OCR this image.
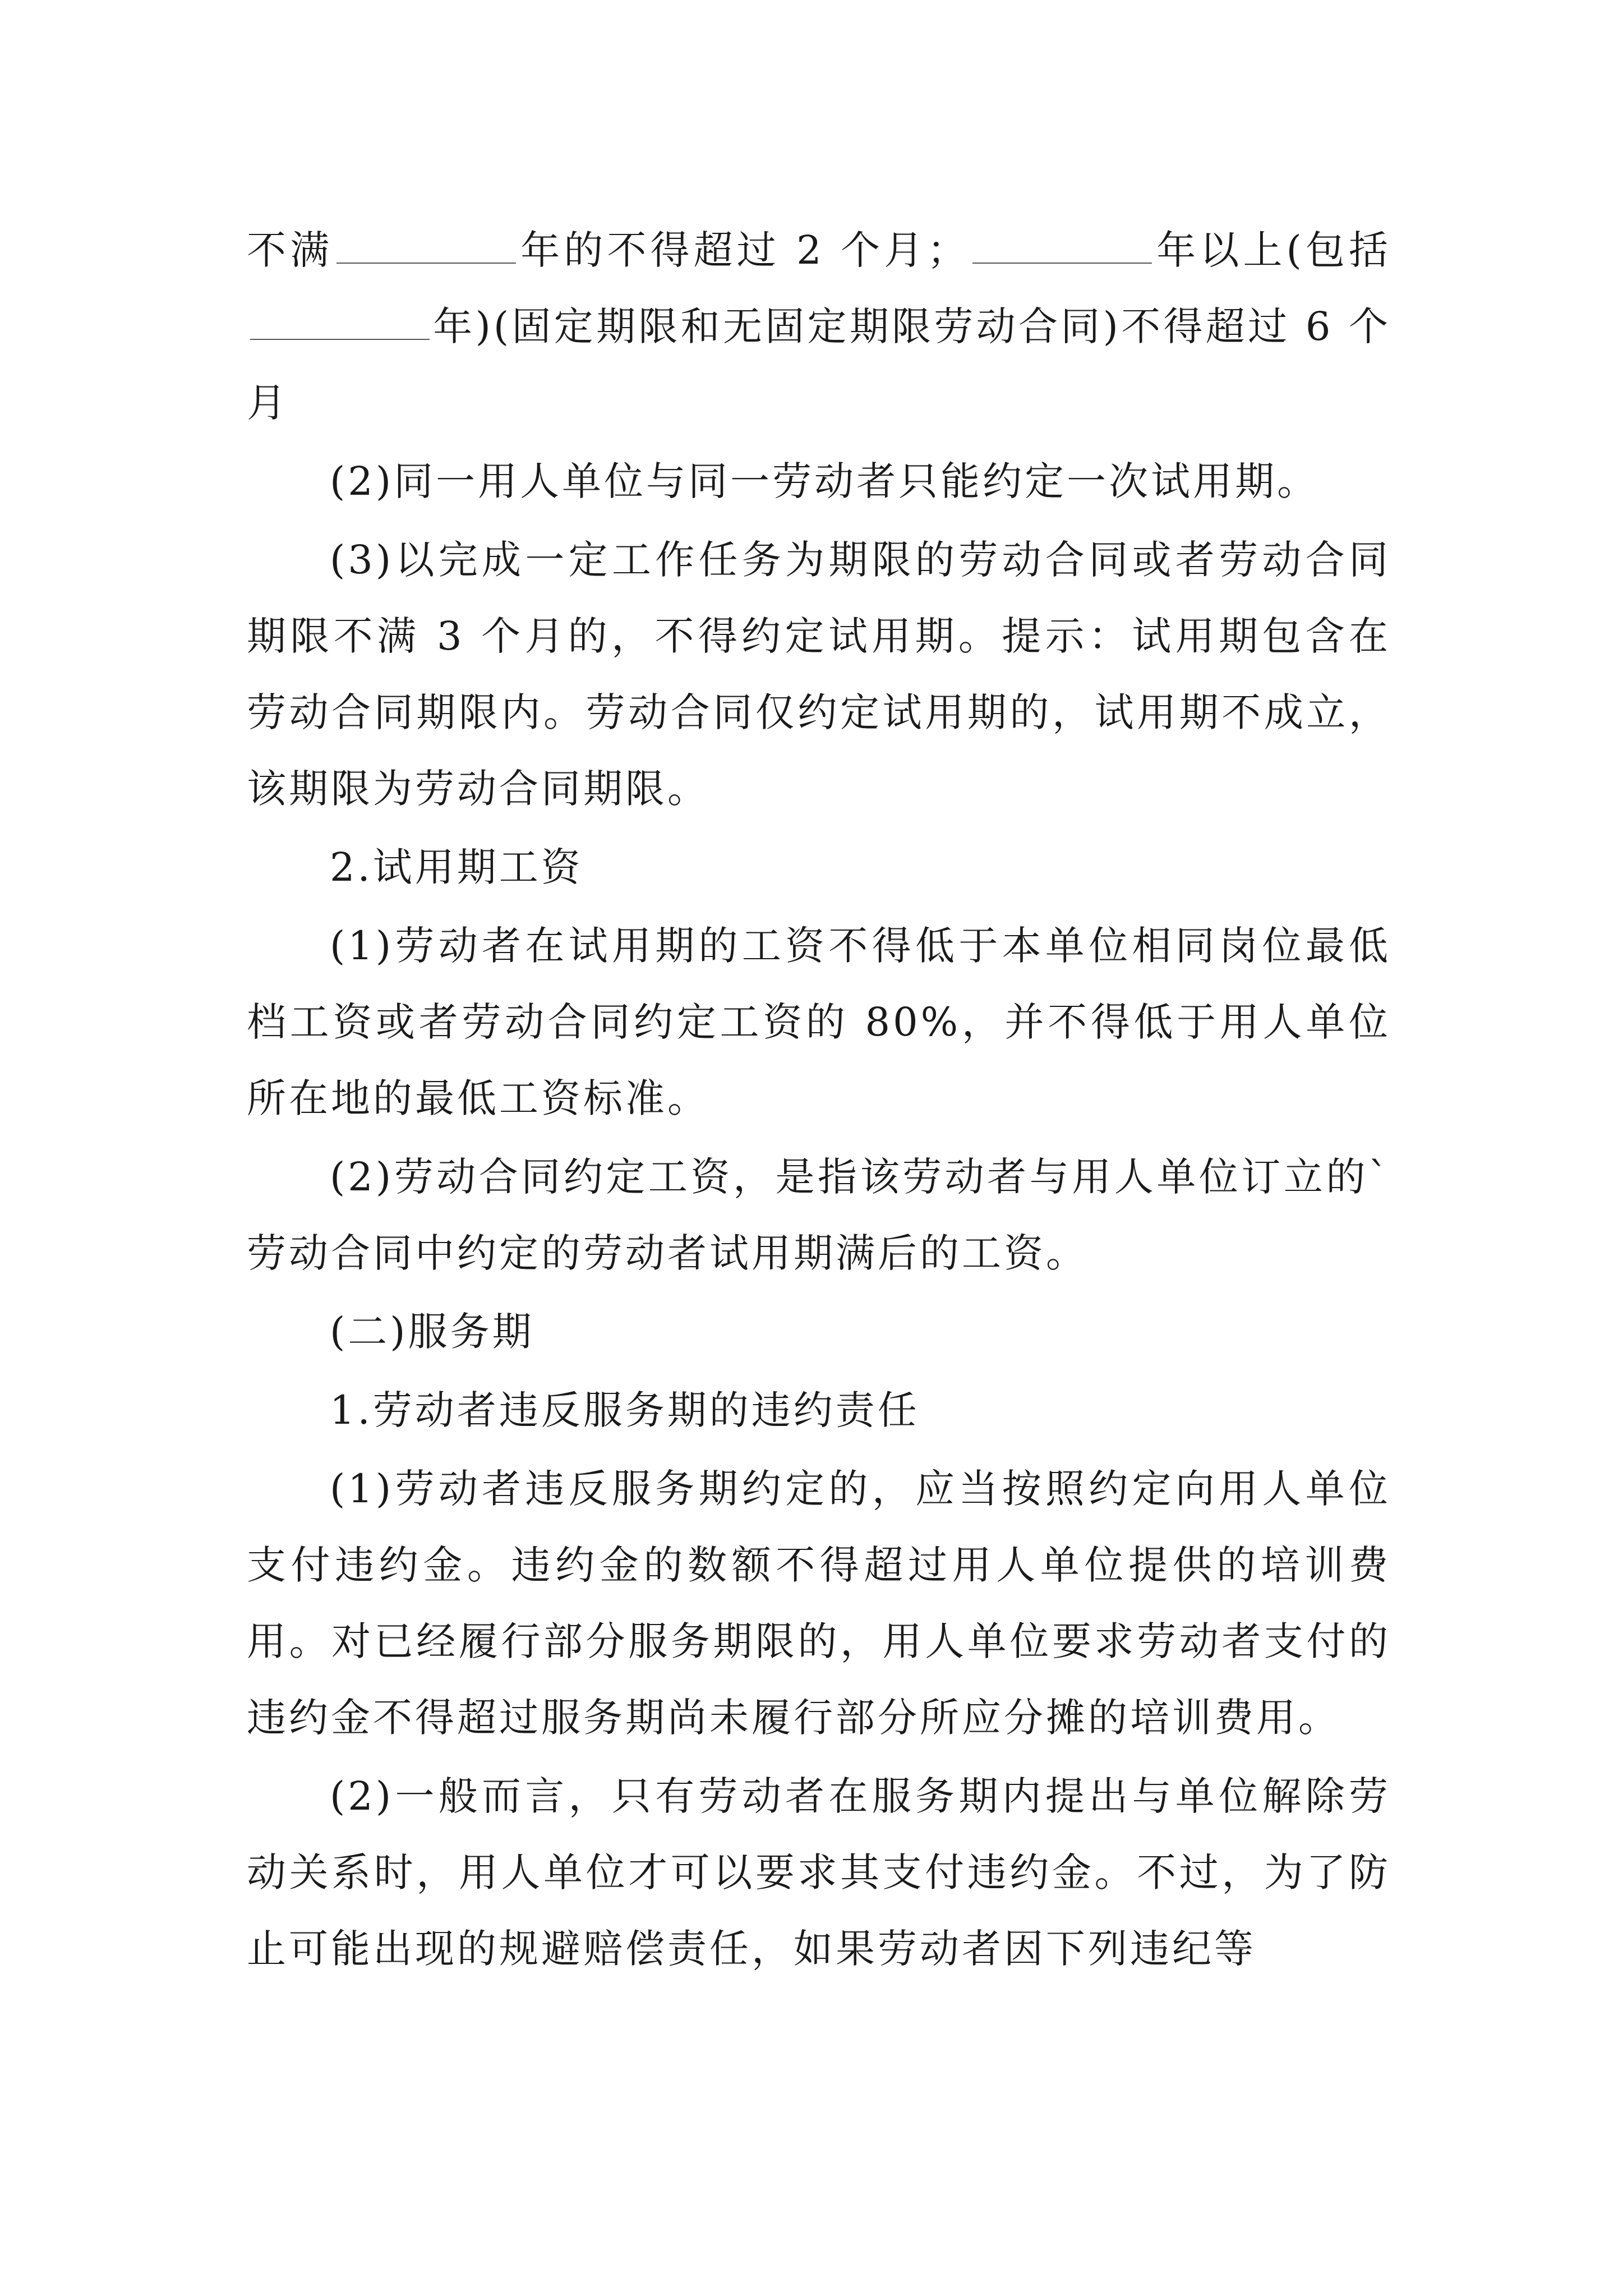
不满	年的不得超过 2 个月；	年以上(包括年)(固定期限和无固定期限劳动合同)不得超过 6 个月

(2)同一用人单位与同一劳动者只能约定一次试用期。

(3)以完成一定工作任务为期限的劳动合同或者劳动合同期限不满 3 个月的，不得约定试用期。提示：试用期包含在劳动合同期限内。劳动合同仅约定试用期的，试用期不成立，该期限为劳动合同期限。

2.试用期工资

(1)劳动者在试用期的工资不得低于本单位相同岗位最低档工资或者劳动合同约定工资的 80%，并不得低于用人单位所在地的最低工资标准。

(2)劳动合同约定工资，是指该劳动者与用人单位订立的`劳动合同中约定的劳动者试用期满后的工资。

(二)服务期

1.劳动者违反服务期的违约责任

(1)劳动者违反服务期约定的，应当按照约定向用人单位支付违约金。违约金的数额不得超过用人单位提供的培训费用。对已经履行部分服务期限的，用人单位要求劳动者支付的违约金不得超过服务期尚未履行部分所应分摊的培训费用。

(2)一般而言，只有劳动者在服务期内提出与单位解除劳动关系时，用人单位才可以要求其支付违约金。不过，为了防止可能出现的规避赔偿责任，如果劳动者因下列违纪等
